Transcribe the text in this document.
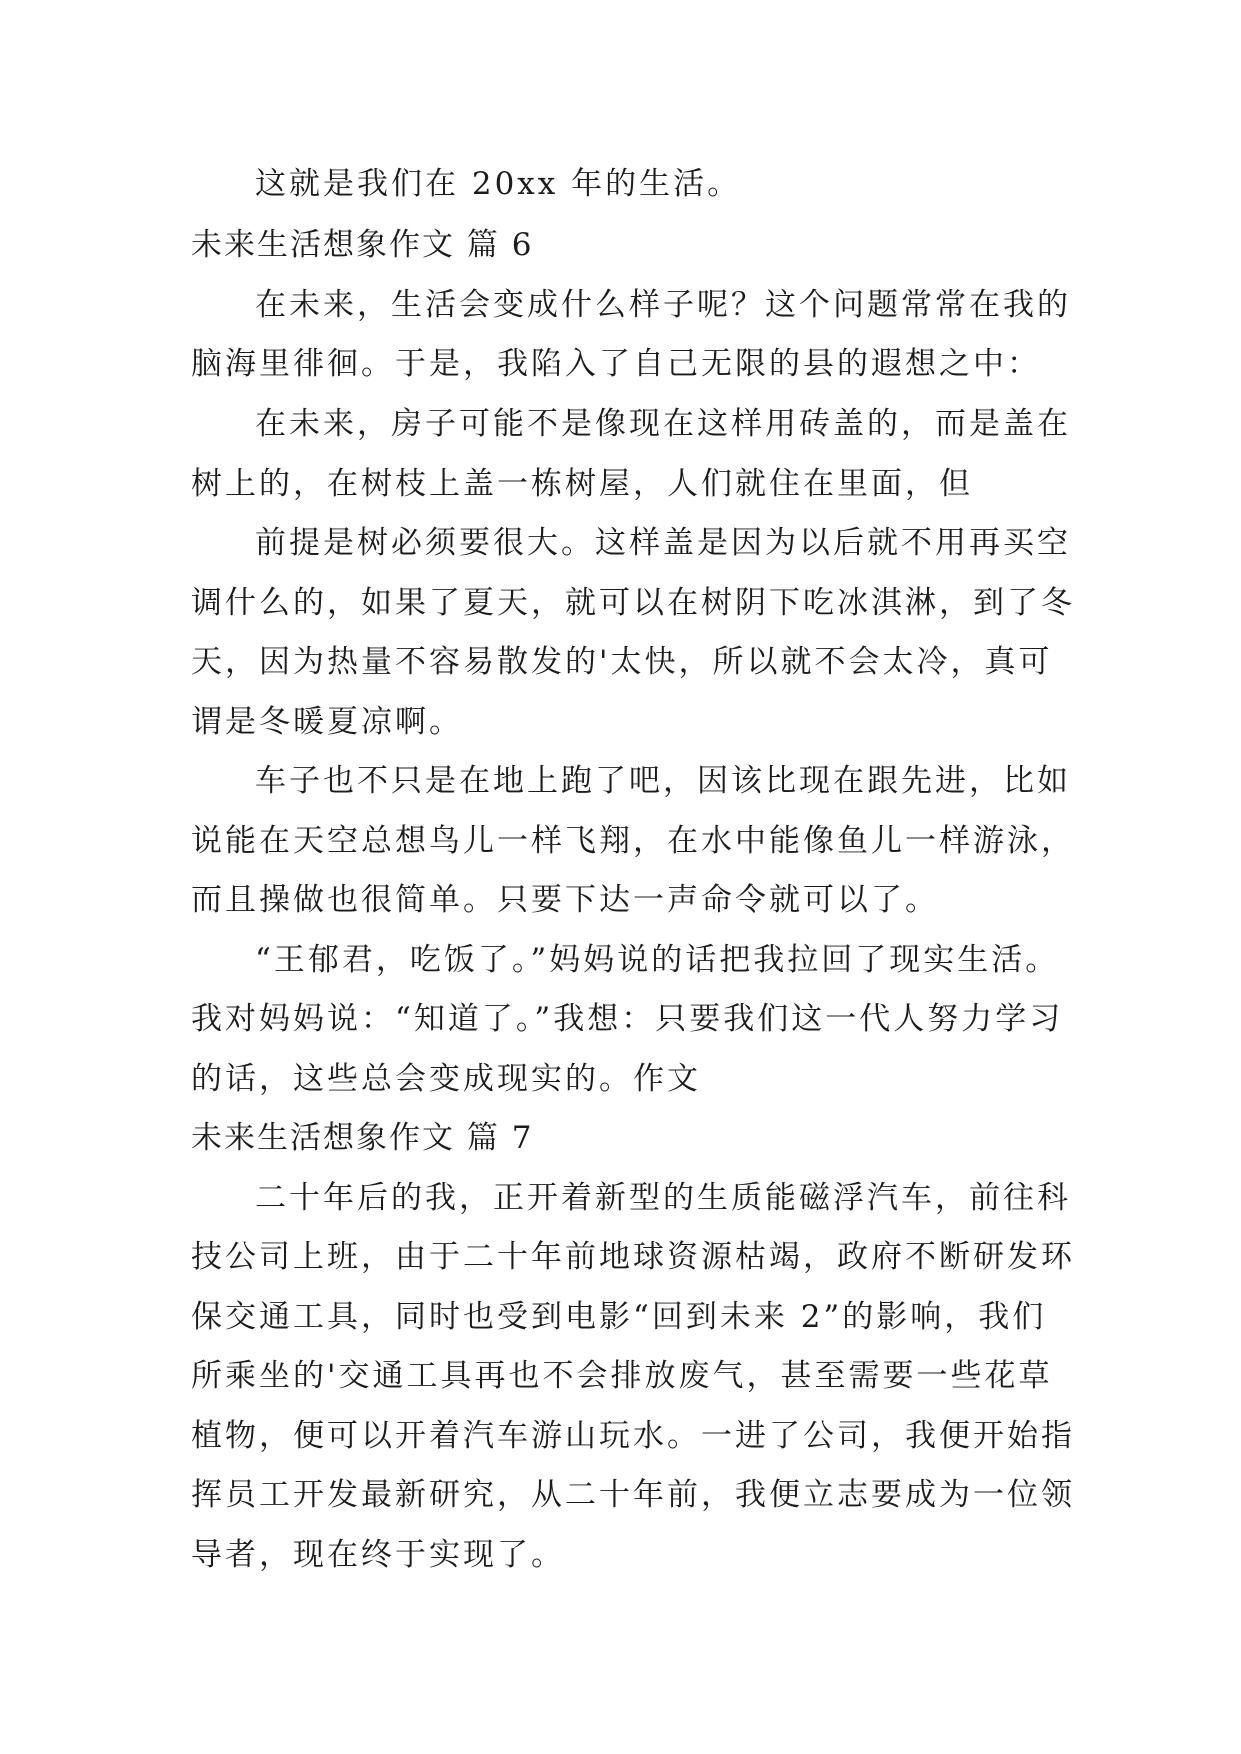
这就是我们在 20xx 年的生活。
未来生活想象作文 篇 6
在未来，生活会变成什么样子呢？这个问题常常在我的
脑海里徘徊。于是，我陷入了自己无限的县的遐想之中：
在未来，房子可能不是像现在这样用砖盖的，而是盖在
树上的，在树枝上盖一栋树屋，人们就住在里面，但
前提是树必须要很大。这样盖是因为以后就不用再买空
调什么的，如果了夏天，就可以在树阴下吃冰淇淋，到了冬
天，因为热量不容易散发的'太快，所以就不会太冷，真可
谓是冬暖夏凉啊。
车子也不只是在地上跑了吧，因该比现在跟先进，比如
说能在天空总想鸟儿一样飞翔，在水中能像鱼儿一样游泳，
而且操做也很简单。只要下达一声命令就可以了。
“王郁君，吃饭了。”妈妈说的话把我拉回了现实生活。
我对妈妈说：“知道了。”我想：只要我们这一代人努力学习
的话，这些总会变成现实的。作文
未来生活想象作文 篇 7
二十年后的我，正开着新型的生质能磁浮汽车，前往科
技公司上班，由于二十年前地球资源枯竭，政府不断研发环
保交通工具，同时也受到电影“回到未来 2”的影响，我们
所乘坐的'交通工具再也不会排放废气，甚至需要一些花草
植物，便可以开着汽车游山玩水。一进了公司，我便开始指
挥员工开发最新研究，从二十年前，我便立志要成为一位领
导者，现在终于实现了。
